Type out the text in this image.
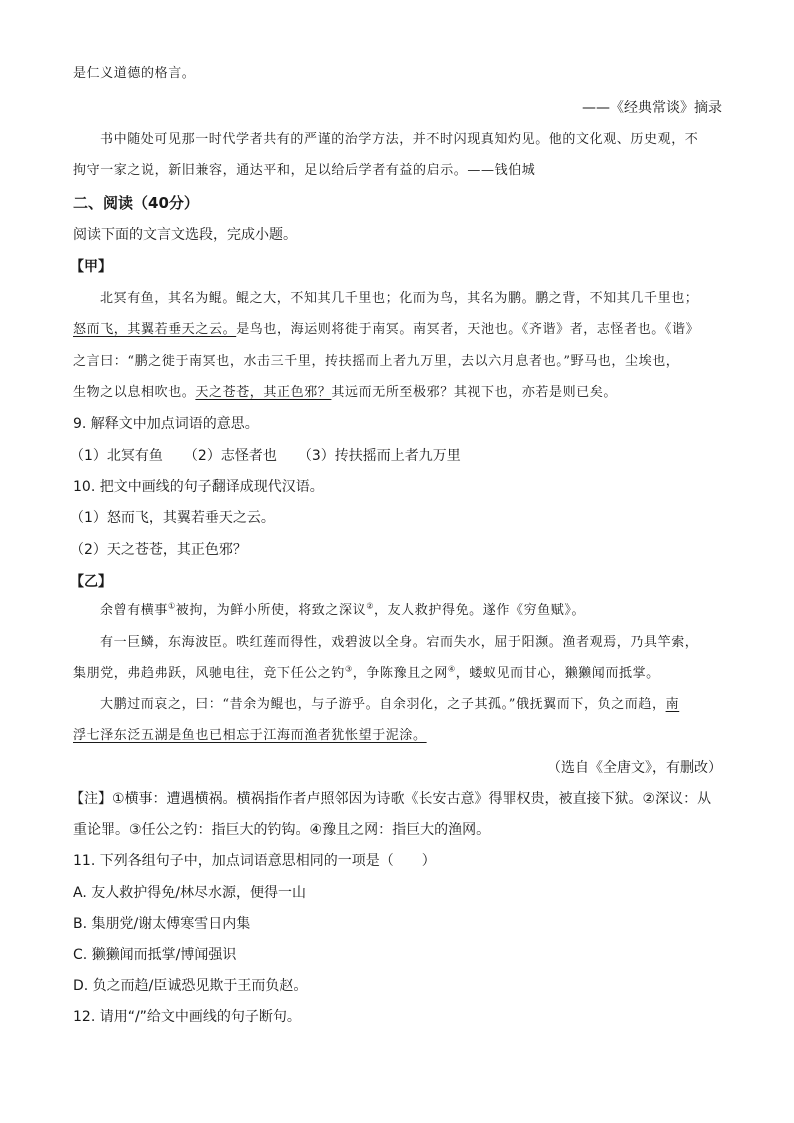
是仁义道德的格言。
——《经典常谈》摘录
书中随处可见那一时代学者共有的严谨的治学方法，并不时闪现真知灼见。他的文化观、历史观，不
拘守一家之说，新旧兼容，通达平和，足以给后学者有益的启示。——钱伯城
二、阅读（40分）
阅读下面的文言文选段，完成小题。
【甲】
北冥有鱼，其名为鲲。鲲之大，不知其几千里也；化而为鸟，其名为鹏。鹏之背，不知其几千里也；
怒而飞，其翼若垂天之云。是鸟也，海运则将徙于南冥。南冥者，天池也。《齐谐》者，志怪者也。《谐》
之言曰：“鹏之徙于南冥也，水击三千里，抟扶摇而上者九万里，去以六月息者也。”野马也，尘埃也，
生物之以息相吹也。天之苍苍，其正色邪？其远而无所至极邪？其视下也，亦若是则已矣。
9. 解释文中加点词语的意思。
（1）北冥有鱼　　（2）志怪者也　　（3）抟扶摇而上者九万里
10. 把文中画线的句子翻译成现代汉语。
（1）怒而飞，其翼若垂天之云。
（2）天之苍苍，其正色邪？
【乙】
余曾有横事①被拘，为鲜小所使，将致之深议②，友人救护得免。遂作《穷鱼赋》。
有一巨鳞，东海波臣。昳红莲而得性，戏碧波以全身。宕而失水，屈于阳濒。渔者观焉，乃具竿索，
集朋党，弗趋弗跃，风驰电往，竞下任公之钓③，争陈豫且之网④，蝼蚁见而甘心，獭獭闻而抵掌。
大鹏过而哀之，曰：“昔余为鲲也，与子游乎。自余羽化，之子其孤。”俄抚翼而下，负之而趋，南
浮七泽东泛五湖是鱼也已相忘于江海而渔者犹怅望于泥涂。
（选自《全唐文》，有删改）
【注】①横事：遭遇横祸。横祸指作者卢照邻因为诗歌《长安古意》得罪权贵，被直接下狱。②深议：从
重论罪。③任公之钓：指巨大的钓钩。④豫且之网：指巨大的渔网。
11. 下列各组句子中，加点词语意思相同的一项是（　　）
A. 友人救护得免/林尽水源，便得一山
B. 集朋党/谢太傅寒雪日内集
C. 獭獭闻而抵掌/博闻强识
D. 负之而趋/臣诚恐见欺于王而负赵。
12. 请用“/”给文中画线的句子断句。
